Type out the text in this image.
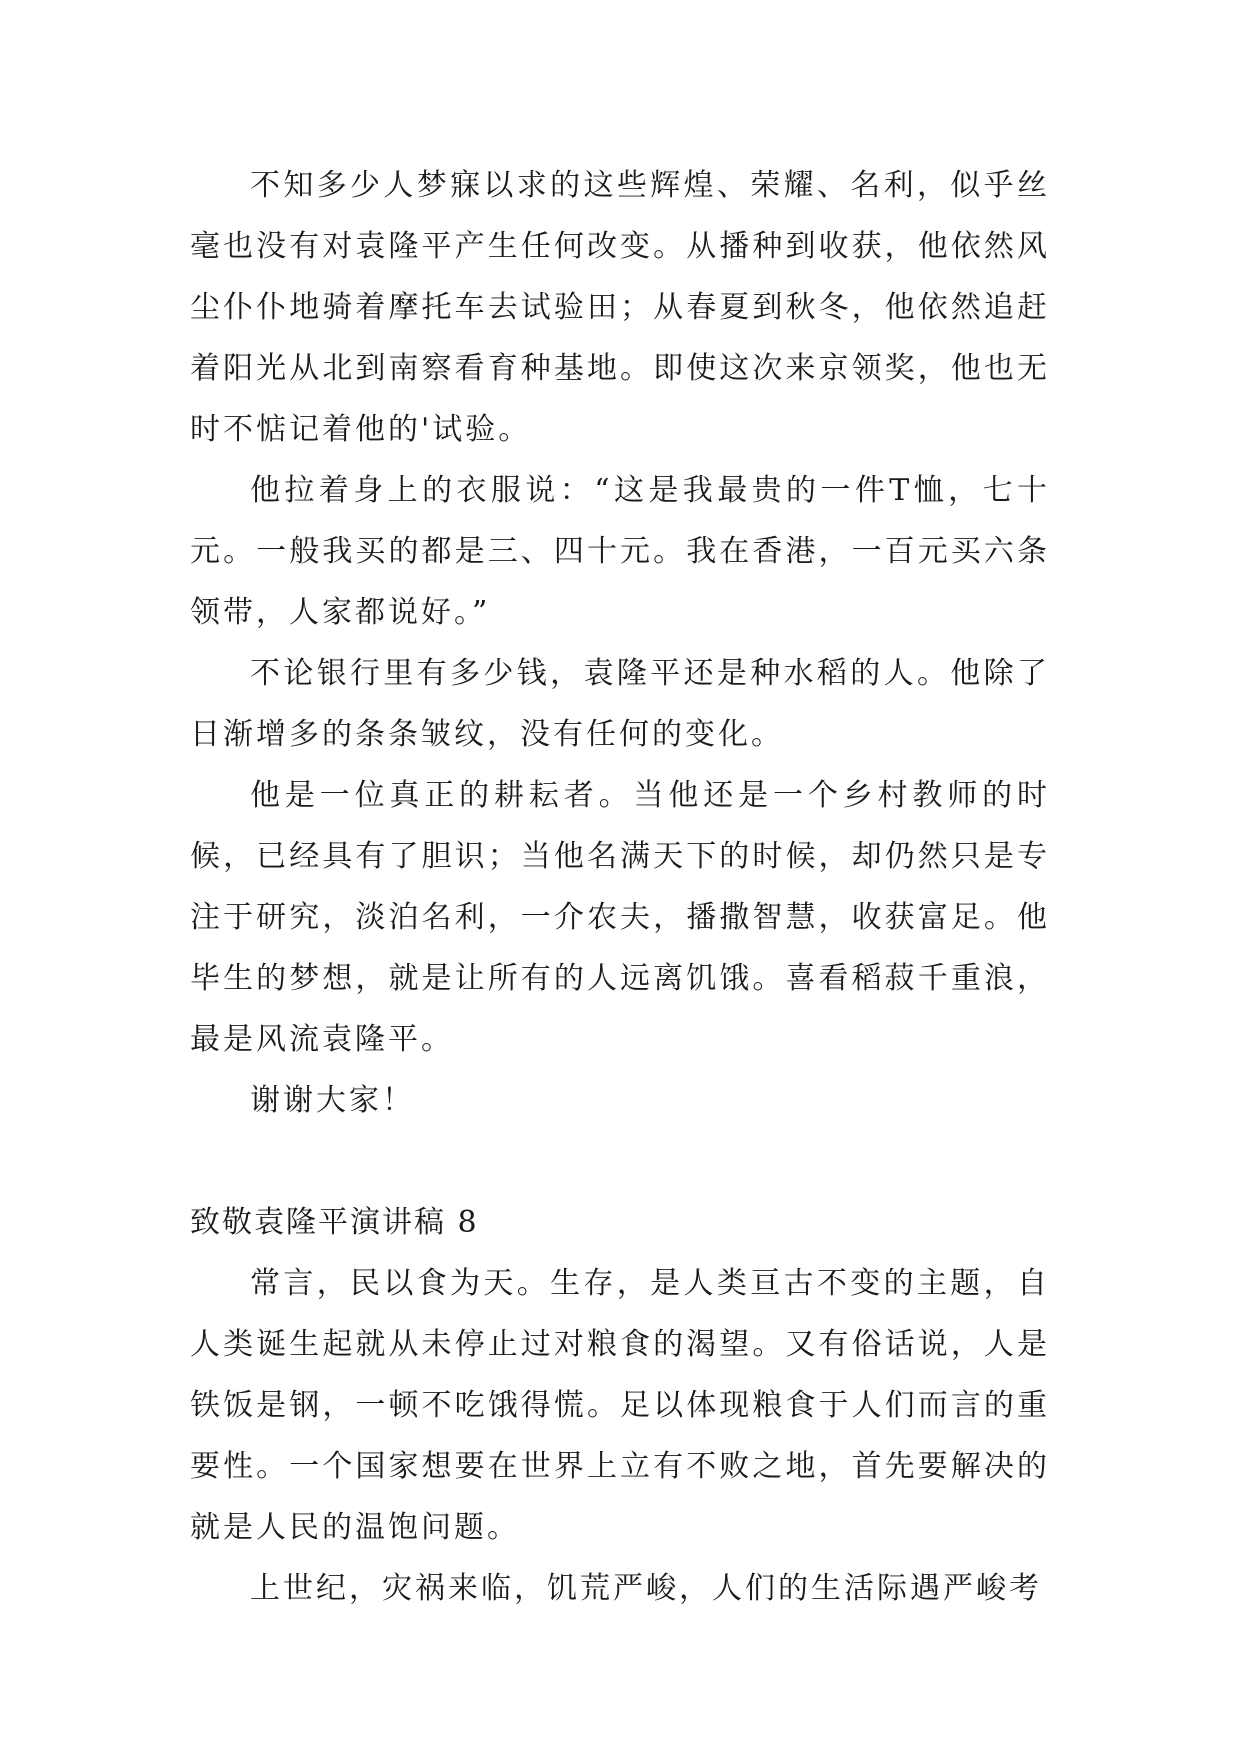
不知多少人梦寐以求的这些辉煌、荣耀、名利，似乎丝毫也没有对袁隆平产生任何改变。从播种到收获，他依然风尘仆仆地骑着摩托车去试验田；从春夏到秋冬，他依然追赶着阳光从北到南察看育种基地。即使这次来京领奖，他也无时不惦记着他的'试验。

他拉着身上的衣服说：“这是我最贵的一件T恤，七十元。一般我买的都是三、四十元。我在香港，一百元买六条领带，人家都说好。”

不论银行里有多少钱，袁隆平还是种水稻的人。他除了日渐增多的条条皱纹，没有任何的变化。

他是一位真正的耕耘者。当他还是一个乡村教师的时候，已经具有了胆识；当他名满天下的时候，却仍然只是专注于研究，淡泊名利，一介农夫，播撒智慧，收获富足。他毕生的梦想，就是让所有的人远离饥饿。喜看稻菽千重浪，最是风流袁隆平。

谢谢大家！

致敬袁隆平演讲稿 8

常言，民以食为天。生存，是人类亘古不变的主题，自人类诞生起就从未停止过对粮食的渴望。又有俗话说，人是铁饭是钢，一顿不吃饿得慌。足以体现粮食于人们而言的重要性。一个国家想要在世界上立有不败之地，首先要解决的就是人民的温饱问题。

上世纪，灾祸来临，饥荒严峻，人们的生活际遇严峻考
